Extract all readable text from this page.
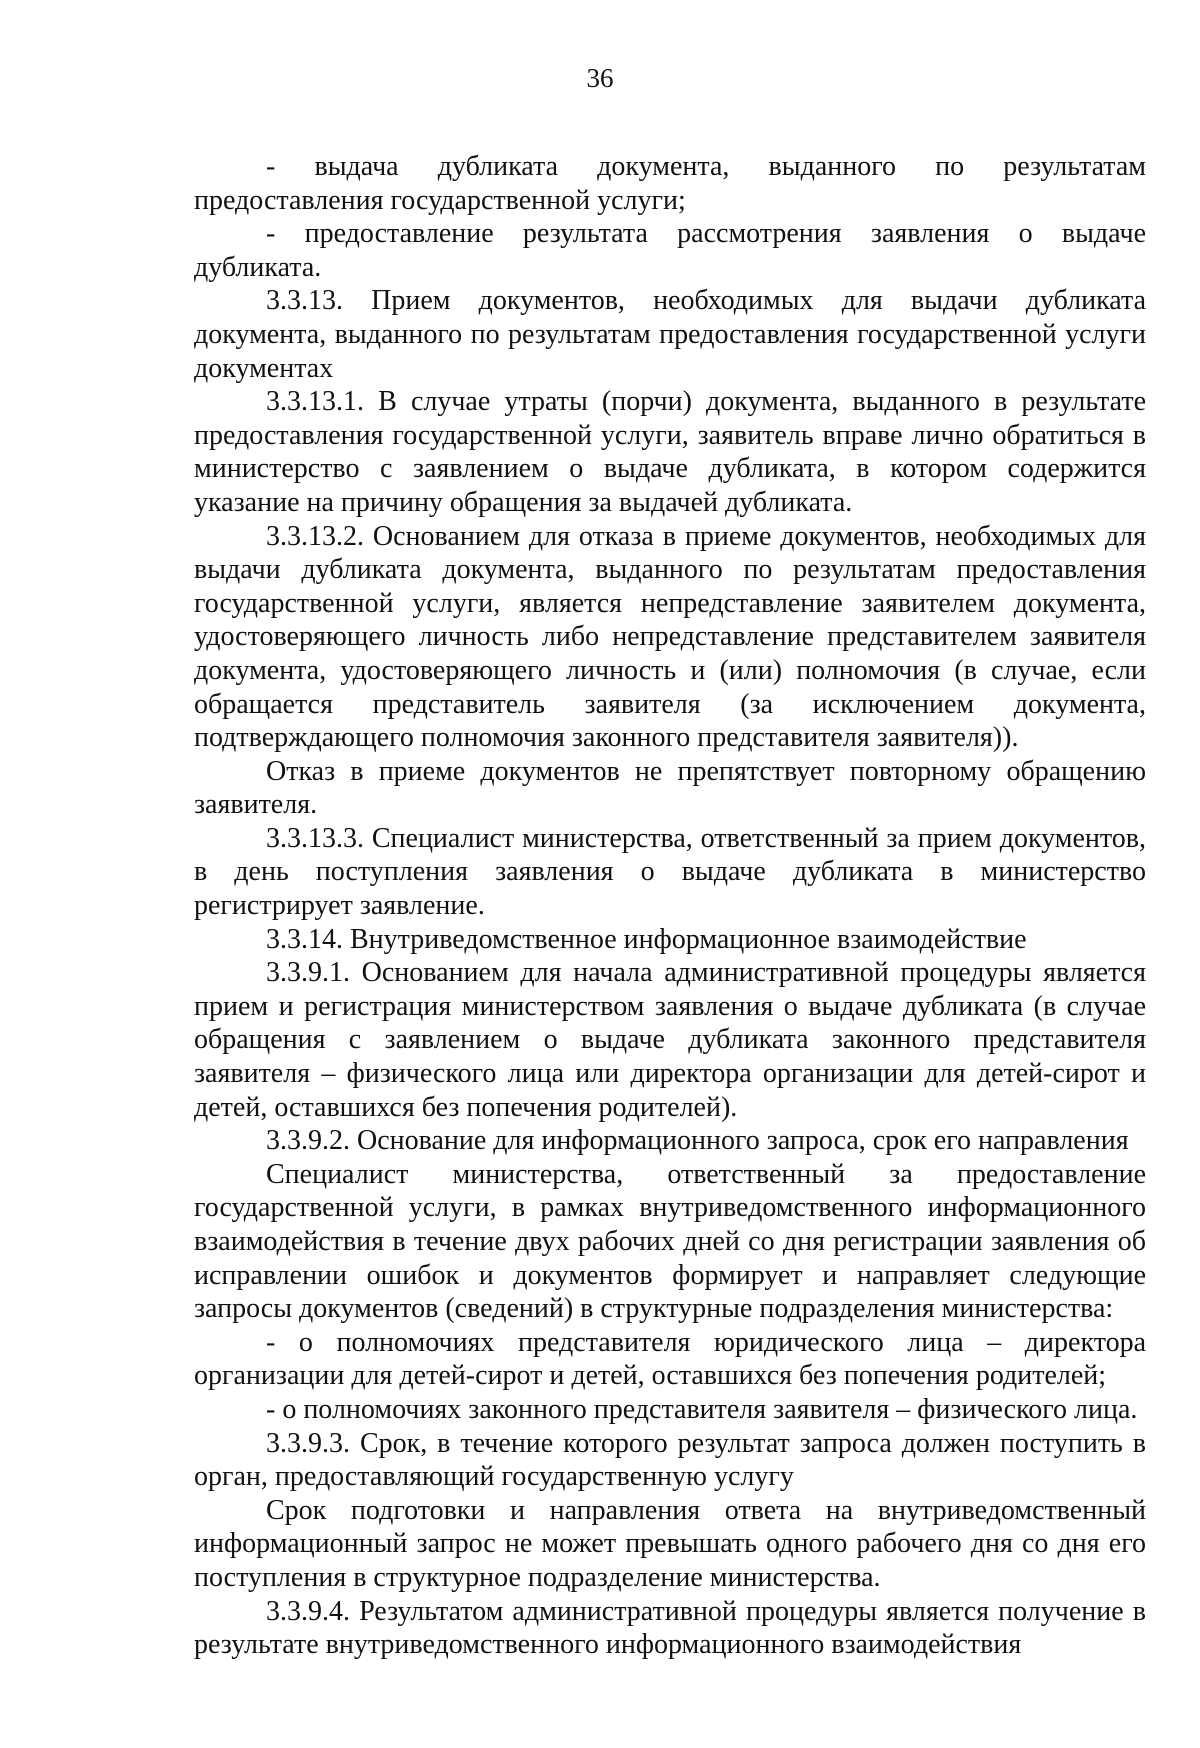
36

- выдача дубликата документа, выданного по результатам предоставления государственной услуги;

- предоставление результата рассмотрения заявления о выдаче дубликата.

3.3.13. Прием документов, необходимых для выдачи дубликата документа, выданного по результатам предоставления государственной услуги документах

3.3.13.1. В случае утраты (порчи) документа, выданного в результате предоставления государственной услуги, заявитель вправе лично обратиться в министерство с заявлением о выдаче дубликата, в котором содержится указание на причину обращения за выдачей дубликата.

3.3.13.2. Основанием для отказа в приеме документов, необходимых для выдачи дубликата документа, выданного по результатам предоставления государственной услуги, является непредставление заявителем документа, удостоверяющего личность либо непредставление представителем заявителя документа, удостоверяющего личность и (или) полномочия (в случае, если обращается представитель заявителя (за исключением документа, подтверждающего полномочия законного представителя заявителя)).

Отказ в приеме документов не препятствует повторному обращению заявителя.

3.3.13.3. Специалист министерства, ответственный за прием документов, в день поступления заявления о выдаче дубликата в министерство регистрирует заявление.

3.3.14. Внутриведомственное информационное взаимодействие

3.3.9.1. Основанием для начала административной процедуры является прием и регистрация министерством заявления о выдаче дубликата (в случае обращения с заявлением о выдаче дубликата законного представителя заявителя – физического лица или директора организации для детей-сирот и детей, оставшихся без попечения родителей).

3.3.9.2. Основание для информационного запроса, срок его направления

Специалист министерства, ответственный за предоставление государственной услуги, в рамках внутриведомственного информационного взаимодействия в течение двух рабочих дней со дня регистрации заявления об исправлении ошибок и документов формирует и направляет следующие запросы документов (сведений) в структурные подразделения министерства:

- о полномочиях представителя юридического лица – директора организации для детей-сирот и детей, оставшихся без попечения родителей;

- о полномочиях законного представителя заявителя – физического лица.

3.3.9.3. Срок, в течение которого результат запроса должен поступить в орган, предоставляющий государственную услугу

Срок подготовки и направления ответа на внутриведомственный информационный запрос не может превышать одного рабочего дня со дня его поступления в структурное подразделение министерства.

3.3.9.4. Результатом административной процедуры является получение в результате внутриведомственного информационного взаимодействия
